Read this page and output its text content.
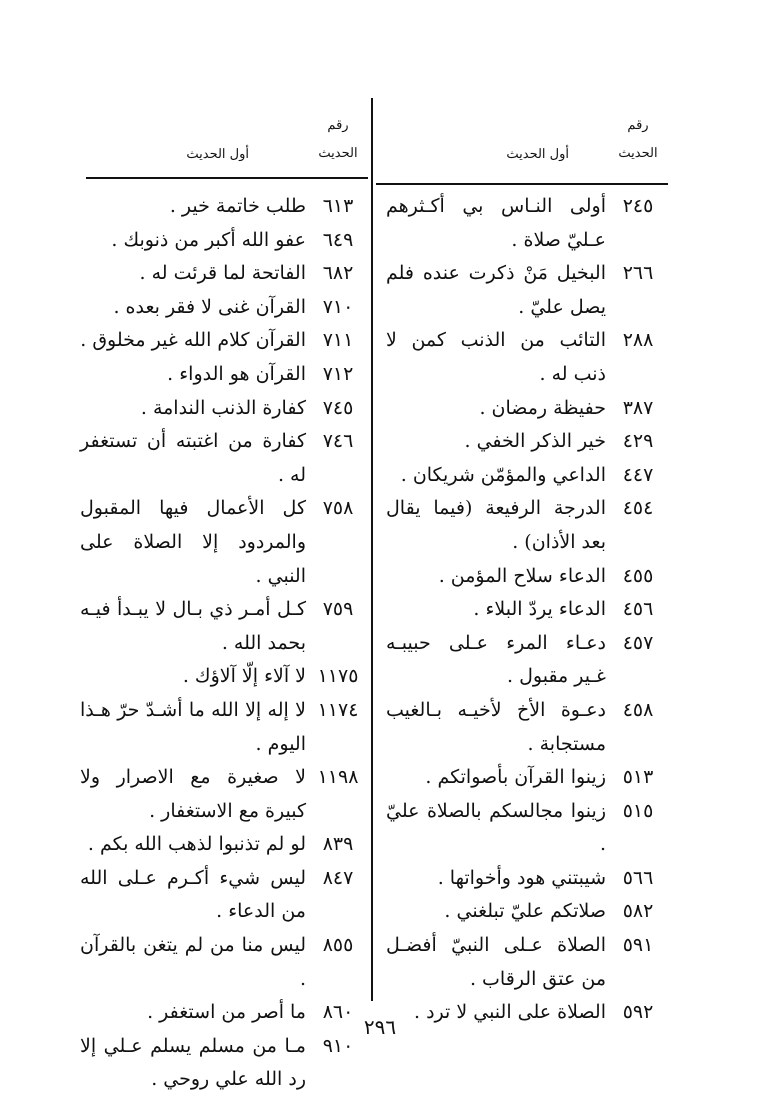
رقم
الحديث
أول الحديث
٢٤٥
أولى النـاس بي أكـثرهم عـليّ صلاة .
٢٦٦
البخيل مَنْ ذكرت عنده فلم يصل عليّ .
٢٨٨
التائب من الذنب كمن لا ذنب له .
٣٨٧
حفيظة رمضان .
٤٢٩
خير الذكر الخفي .
٤٤٧
الداعي والمؤمّن شريكان .
٤٥٤
الدرجة الرفيعة (فيما يقال بعد الأذان) .
٤٥٥
الدعاء سلاح المؤمن .
٤٥٦
الدعاء يردّ البلاء .
٤٥٧
دعـاء المرء عـلى حبيبـه غـير مقبول .
٤٥٨
دعـوة الأخ لأخيـه بـالغيب مستجابة .
٥١٣
زينوا القرآن بأصواتكم .
٥١٥
زينوا مجالسكم بالصلاة عليّ .
٥٦٦
شيبتني هود وأخواتها .
٥٨٢
صلاتكم عليّ تبلغني .
٥٩١
الصلاة عـلى النبيّ أفضـل من عتق الرقاب .
٥٩٢
الصلاة على النبي لا ترد .
رقم
الحديث
أول الحديث
٦١٣
طلب خاتمة خير .
٦٤٩
عفو الله أكبر من ذنوبك .
٦٨٢
الفاتحة لما قرئت له .
٧١٠
القرآن غنى لا فقر بعده .
٧١١
القرآن كلام الله غير مخلوق .
٧١٢
القرآن هو الدواء .
٧٤٥
كفارة الذنب الندامة .
٧٤٦
كفارة من اغتبته أن تستغفر له .
٧٥٨
كل الأعمال فيها المقبول والمردود إلا الصلاة على النبي .
٧٥٩
كـل أمـر ذي بـال لا يبـدأ فيـه بحمد الله .
١١٧٥
لا آلاء إلّا آلاؤك .
١١٧٤
لا إله إلا الله ما أشـدّ حرّ هـذا اليوم .
١١٩٨
لا صغيرة مع الاصرار ولا كبيرة مع الاستغفار .
٨٣٩
لو لم تذنبوا لذهب الله بكم .
٨٤٧
ليس شيء أكـرم عـلى الله من الدعاء .
٨٥٥
ليس منا من لم يتغن بالقرآن .
٨٦٠
ما أصر من استغفر .
٩١٠
مـا من مسلم يسلم عـلي إلا رد الله علي روحي .
٢٩٦
